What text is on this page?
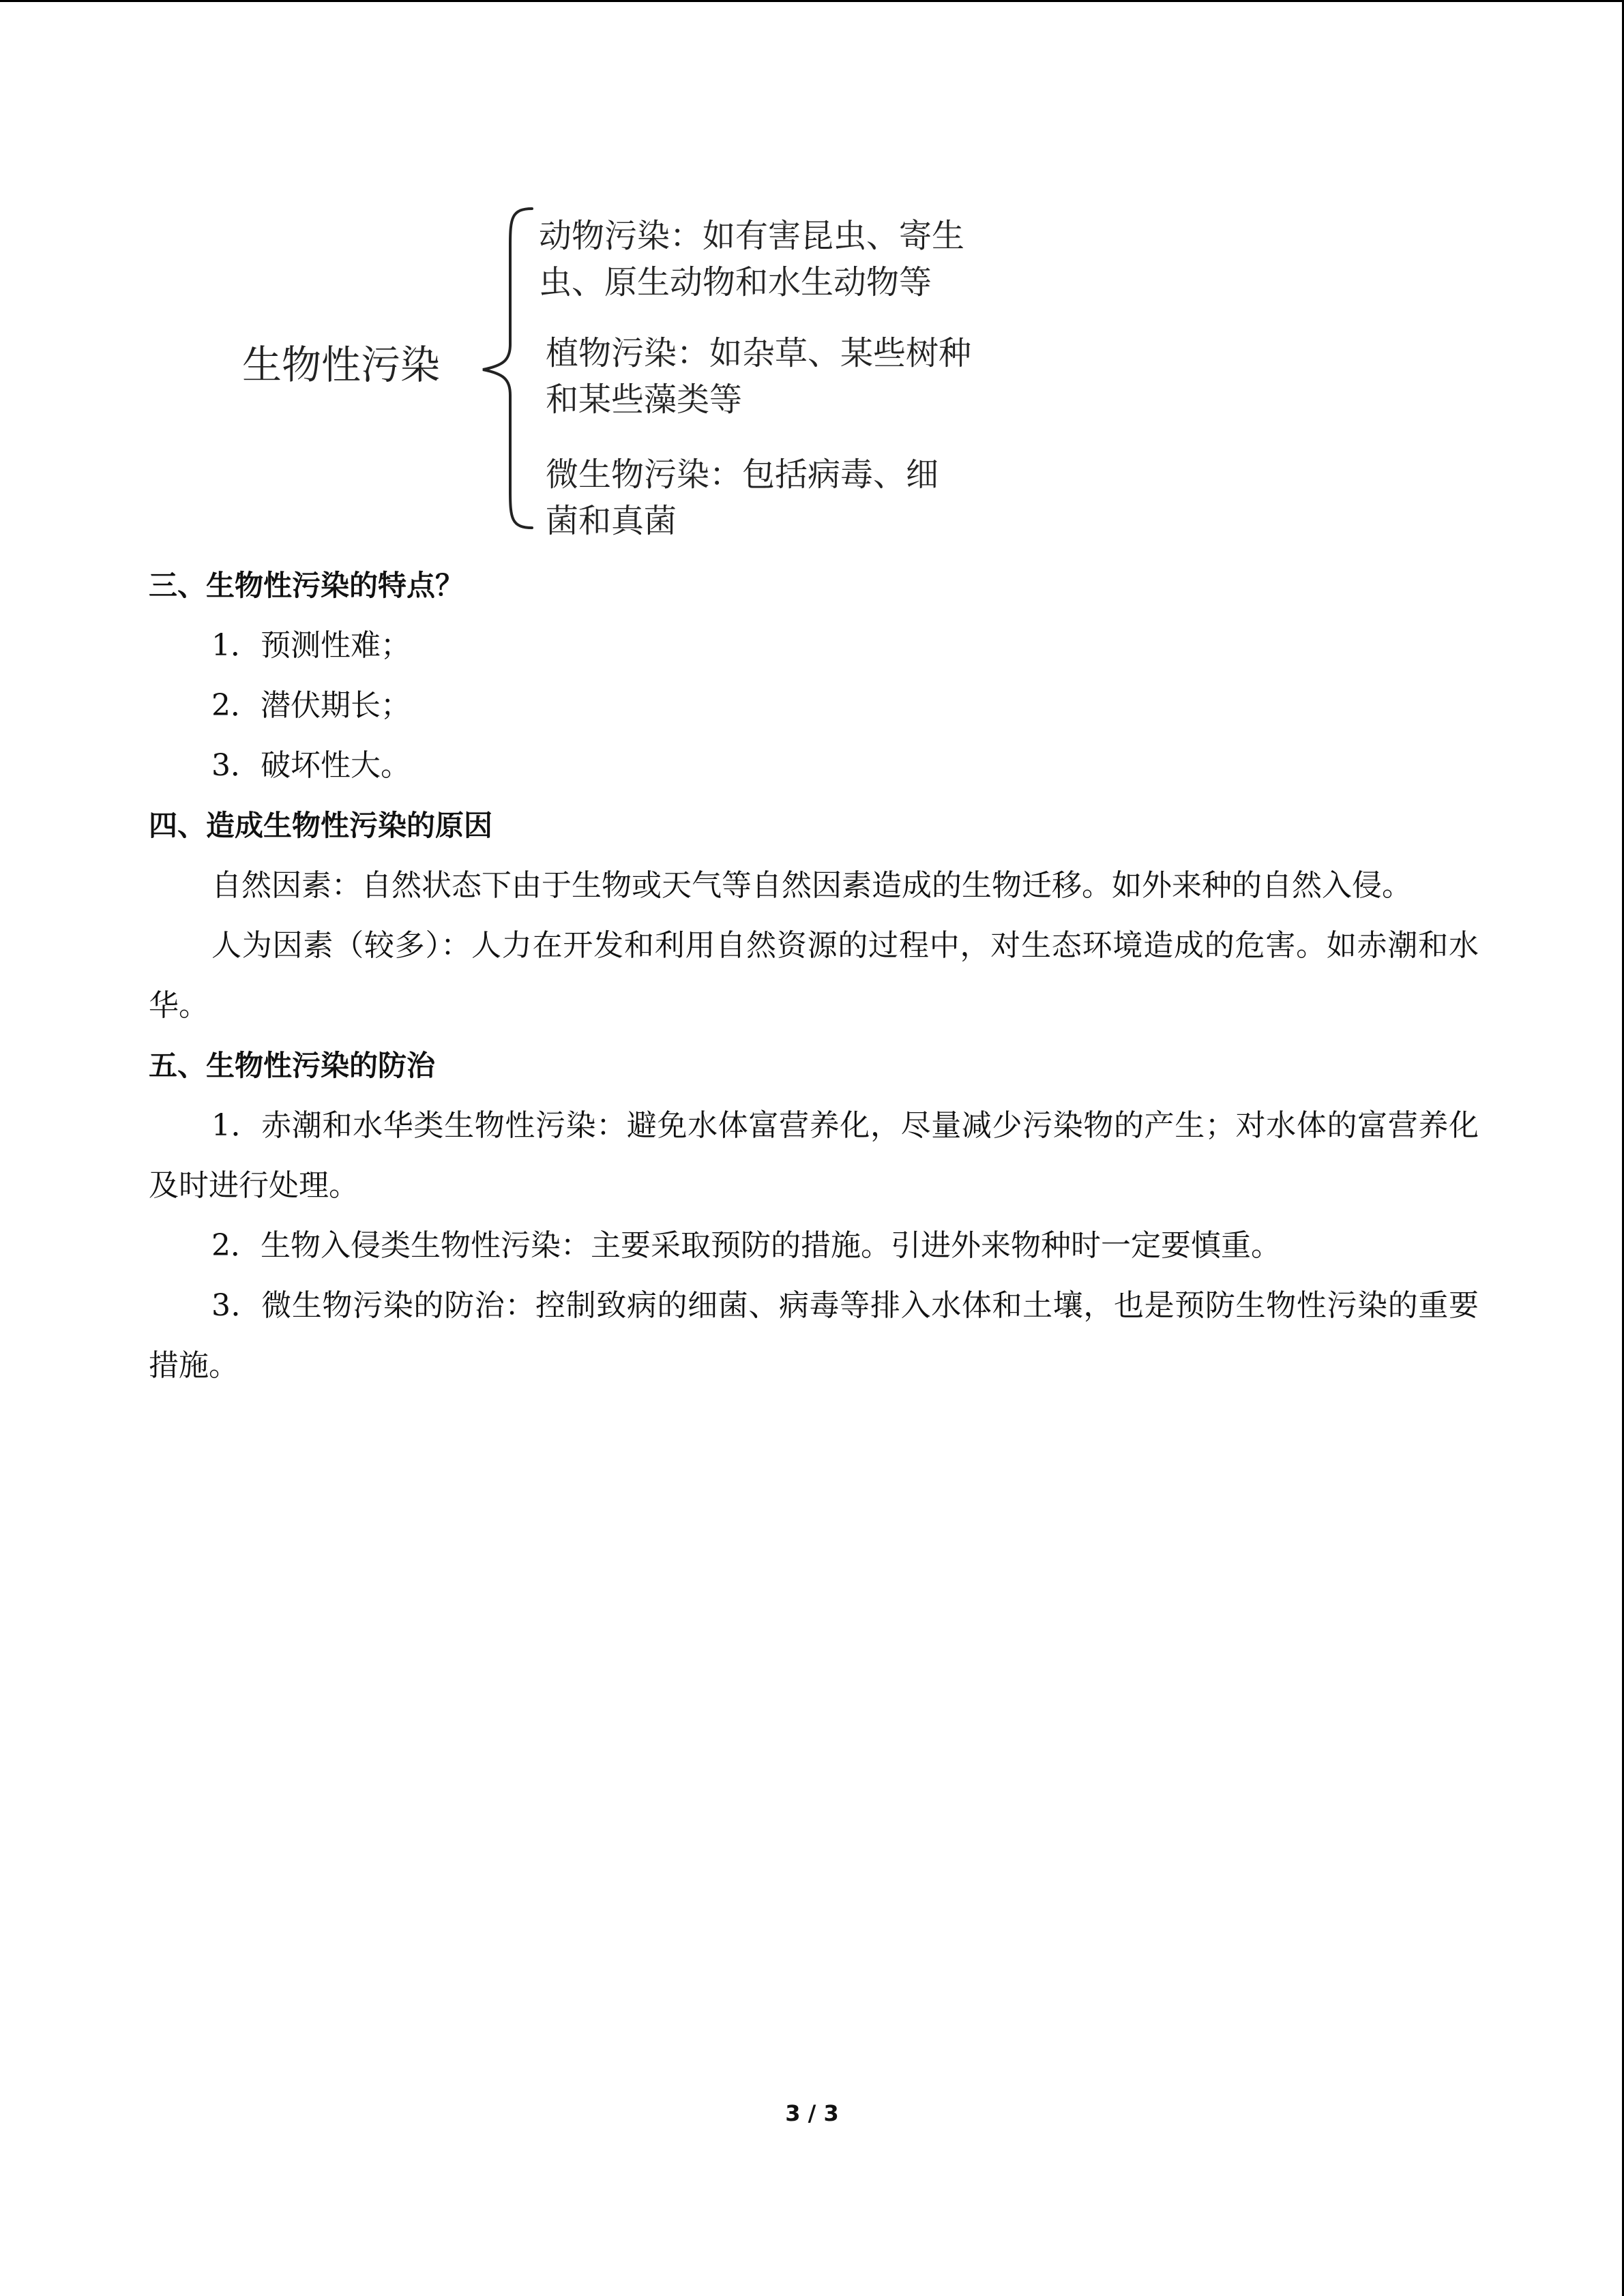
生物性污染
动物污染：如有害昆虫、寄生
虫、原生动物和水生动物等
植物污染：如杂草、某些树种
和某些藻类等
微生物污染：包括病毒、细
菌和真菌
三、生物性污染的特点？

1．预测性难；

2．潜伏期长；

3．破坏性大。

四、造成生物性污染的原因

自然因素：自然状态下由于生物或天气等自然因素造成的生物迁移。如外来种的自然入侵。

人为因素（较多）：人力在开发和利用自然资源的过程中，对生态环境造成的危害。如赤潮和水华。

五、生物性污染的防治

1．赤潮和水华类生物性污染：避免水体富营养化，尽量减少污染物的产生；对水体的富营养化及时进行处理。

2．生物入侵类生物性污染：主要采取预防的措施。引进外来物种时一定要慎重。

3．微生物污染的防治：控制致病的细菌、病毒等排入水体和土壤，也是预防生物性污染的重要措施。

3 / 3
